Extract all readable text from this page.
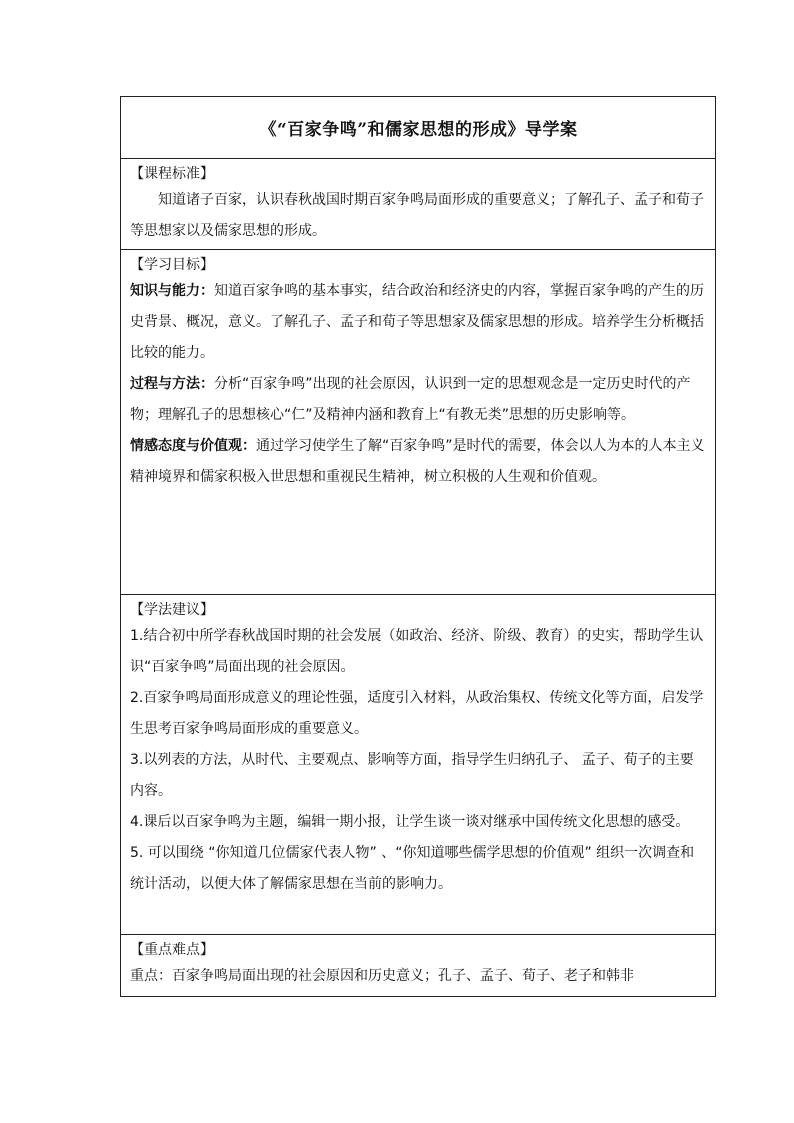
《“百家争鸣”和儒家思想的形成》导学案

【课程标准】

知道诸子百家，认识春秋战国时期百家争鸣局面形成的重要意义；了解孔子、孟子和荀子等思想家以及儒家思想的形成。

【学习目标】

知识与能力：知道百家争鸣的基本事实，结合政治和经济史的内容，掌握百家争鸣的产生的历史背景、概况，意义。了解孔子、孟子和荀子等思想家及儒家思想的形成。培养学生分析概括比较的能力。

过程与方法：分析“百家争鸣”出现的社会原因，认识到一定的思想观念是一定历史时代的产物；理解孔子的思想核心“仁”及精神内涵和教育上“有教无类”思想的历史影响等。

情感态度与价值观：通过学习使学生了解“百家争鸣”是时代的需要，体会以人为本的人本主义精神境界和儒家积极入世思想和重视民生精神，树立积极的人生观和价值观。

【学法建议】

1.结合初中所学春秋战国时期的社会发展（如政治、经济、阶级、教育）的史实，帮助学生认识“百家争鸣”局面出现的社会原因。

2.百家争鸣局面形成意义的理论性强，适度引入材料，从政治集权、传统文化等方面，启发学生思考百家争鸣局面形成的重要意义。

3.以列表的方法，从时代、主要观点、影响等方面，指导学生归纳孔子、 孟子、荀子的主要内容。

4.课后以百家争鸣为主题，编辑一期小报，让学生谈一谈对继承中国传统文化思想的感受。

5. 可以围绕 “你知道几位儒家代表人物” 、“你知道哪些儒学思想的价值观” 组织一次调查和统计活动，以便大体了解儒家思想在当前的影响力。

【重点难点】

重点：百家争鸣局面出现的社会原因和历史意义；孔子、孟子、荀子、老子和韩非
